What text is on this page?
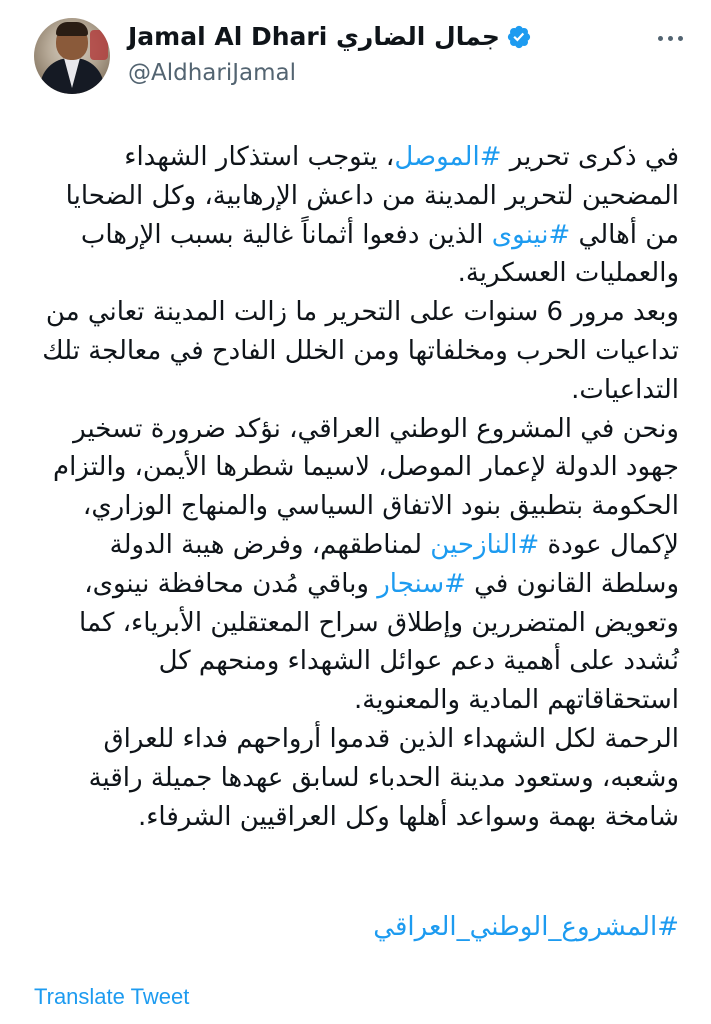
Jamal Al Dhari جمال الضاري
@AldhariJamal

في ذكرى تحرير #الموصل، يتوجب استذكار الشهداء المضحين لتحرير المدينة من داعش الإرهابية، وكل الضحايا من أهالي #نينوى الذين دفعوا أثماناً غالية بسبب الإرهاب والعمليات العسكرية.

وبعد مرور 6 سنوات على التحرير ما زالت المدينة تعاني من تداعيات الحرب ومخلفاتها ومن الخلل الفادح في معالجة تلك التداعيات.

ونحن في المشروع الوطني العراقي، نؤكد ضرورة تسخير جهود الدولة لإعمار الموصل، لاسيما شطرها الأيمن، والتزام الحكومة بتطبيق بنود الاتفاق السياسي والمنهاج الوزاري، لإكمال عودة #النازحين لمناطقهم، وفرض هيبة الدولة وسلطة القانون في #سنجار وباقي مُدن محافظة نينوى، وتعويض المتضررين وإطلاق سراح المعتقلين الأبرياء، كما نُشدد على أهمية دعم عوائل الشهداء ومنحهم كل استحقاقاتهم المادية والمعنوية.

الرحمة لكل الشهداء الذين قدموا أرواحهم فداء للعراق وشعبه، وستعود مدينة الحدباء لسابق عهدها جميلة راقية شامخة بهمة وسواعد أهلها وكل العراقيين الشرفاء.

#المشروع_الوطني_العراقي
Translate Tweet
